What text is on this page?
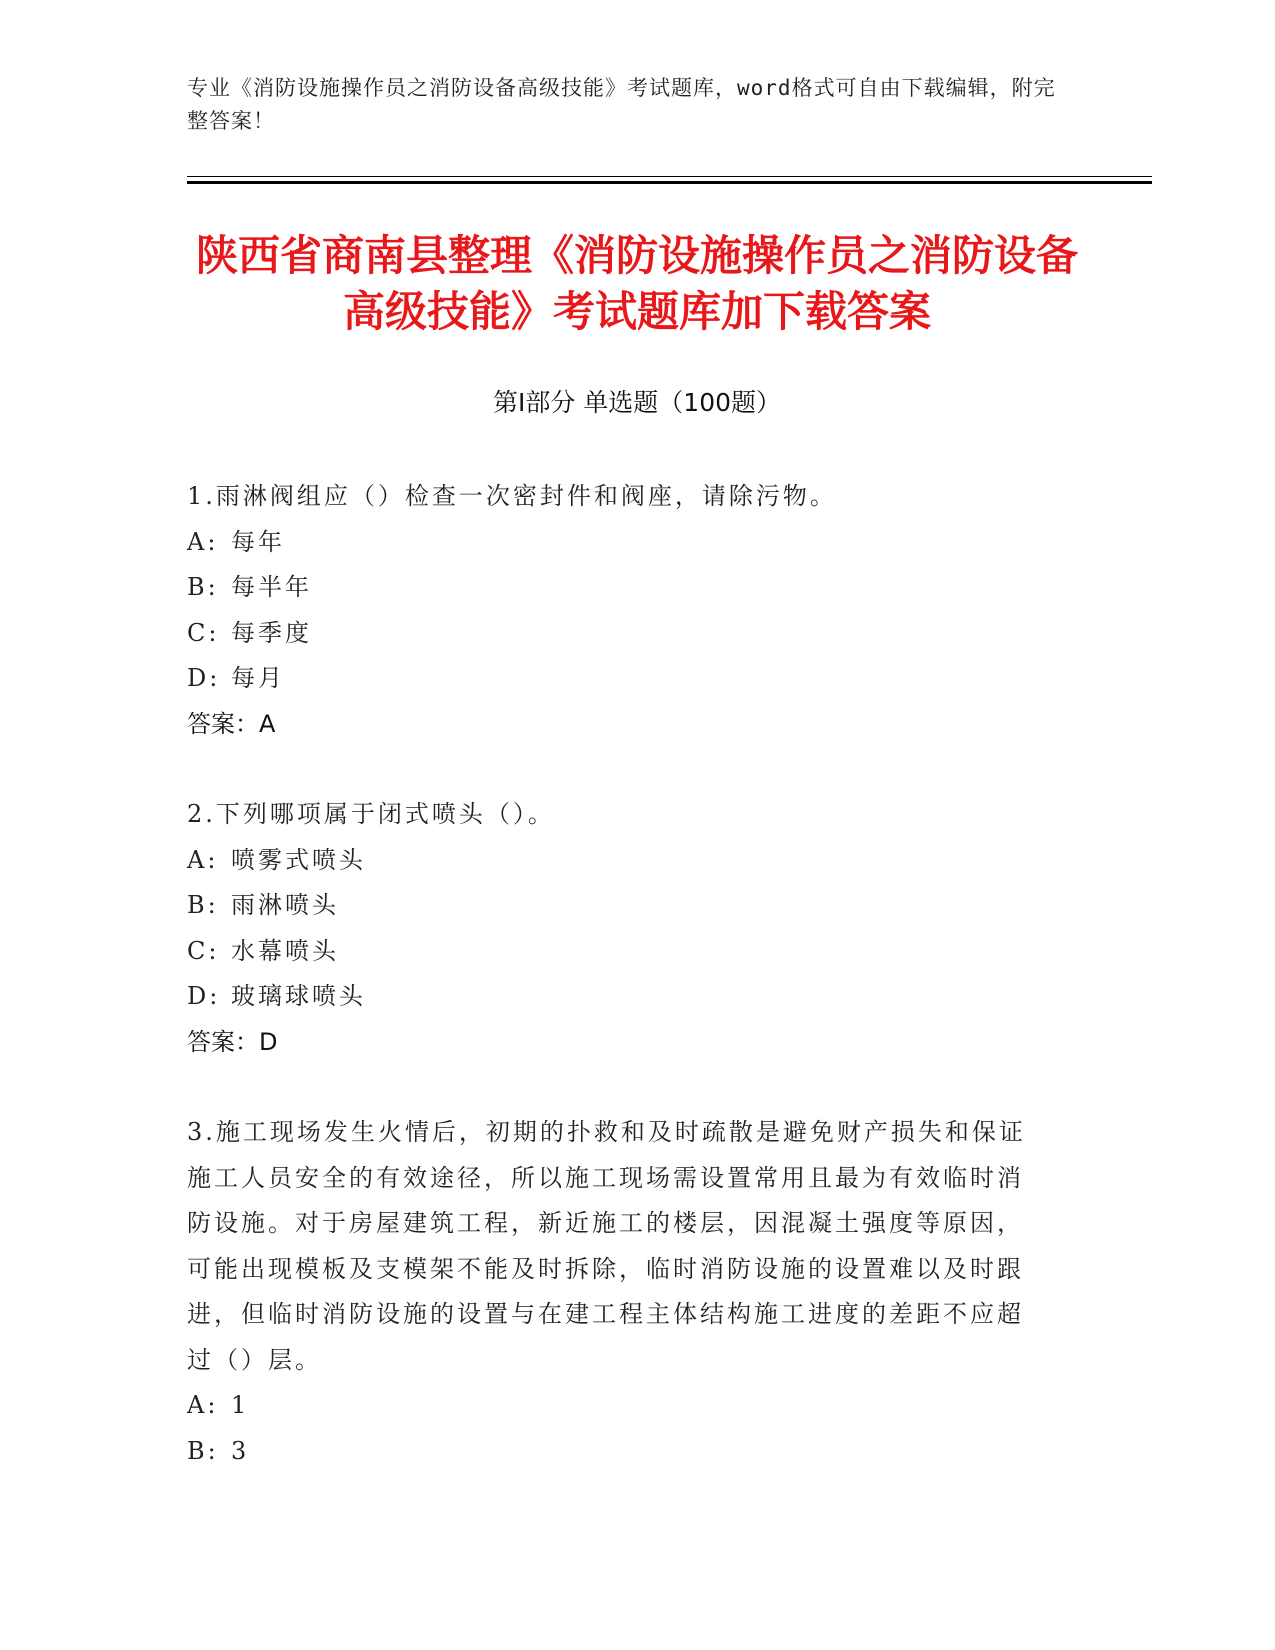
专业《消防设施操作员之消防设备高级技能》考试题库，word格式可自由下载编辑，附完整答案！
陕西省商南县整理《消防设施操作员之消防设备高级技能》考试题库加下载答案
第Ⅰ部分 单选题（100题）
1.雨淋阀组应（）检查一次密封件和阀座，请除污物。
A: 每年
B: 每半年
C: 每季度
D: 每月
答案：A
2.下列哪项属于闭式喷头（）。
A: 喷雾式喷头
B: 雨淋喷头
C: 水幕喷头
D: 玻璃球喷头
答案：D
3.施工现场发生火情后，初期的扑救和及时疏散是避免财产损失和保证施工人员安全的有效途径，所以施工现场需设置常用且最为有效临时消防设施。对于房屋建筑工程，新近施工的楼层，因混凝土强度等原因，可能出现模板及支模架不能及时拆除，临时消防设施的设置难以及时跟进，但临时消防设施的设置与在建工程主体结构施工进度的差距不应超过（）层。
A: 1
B: 3
